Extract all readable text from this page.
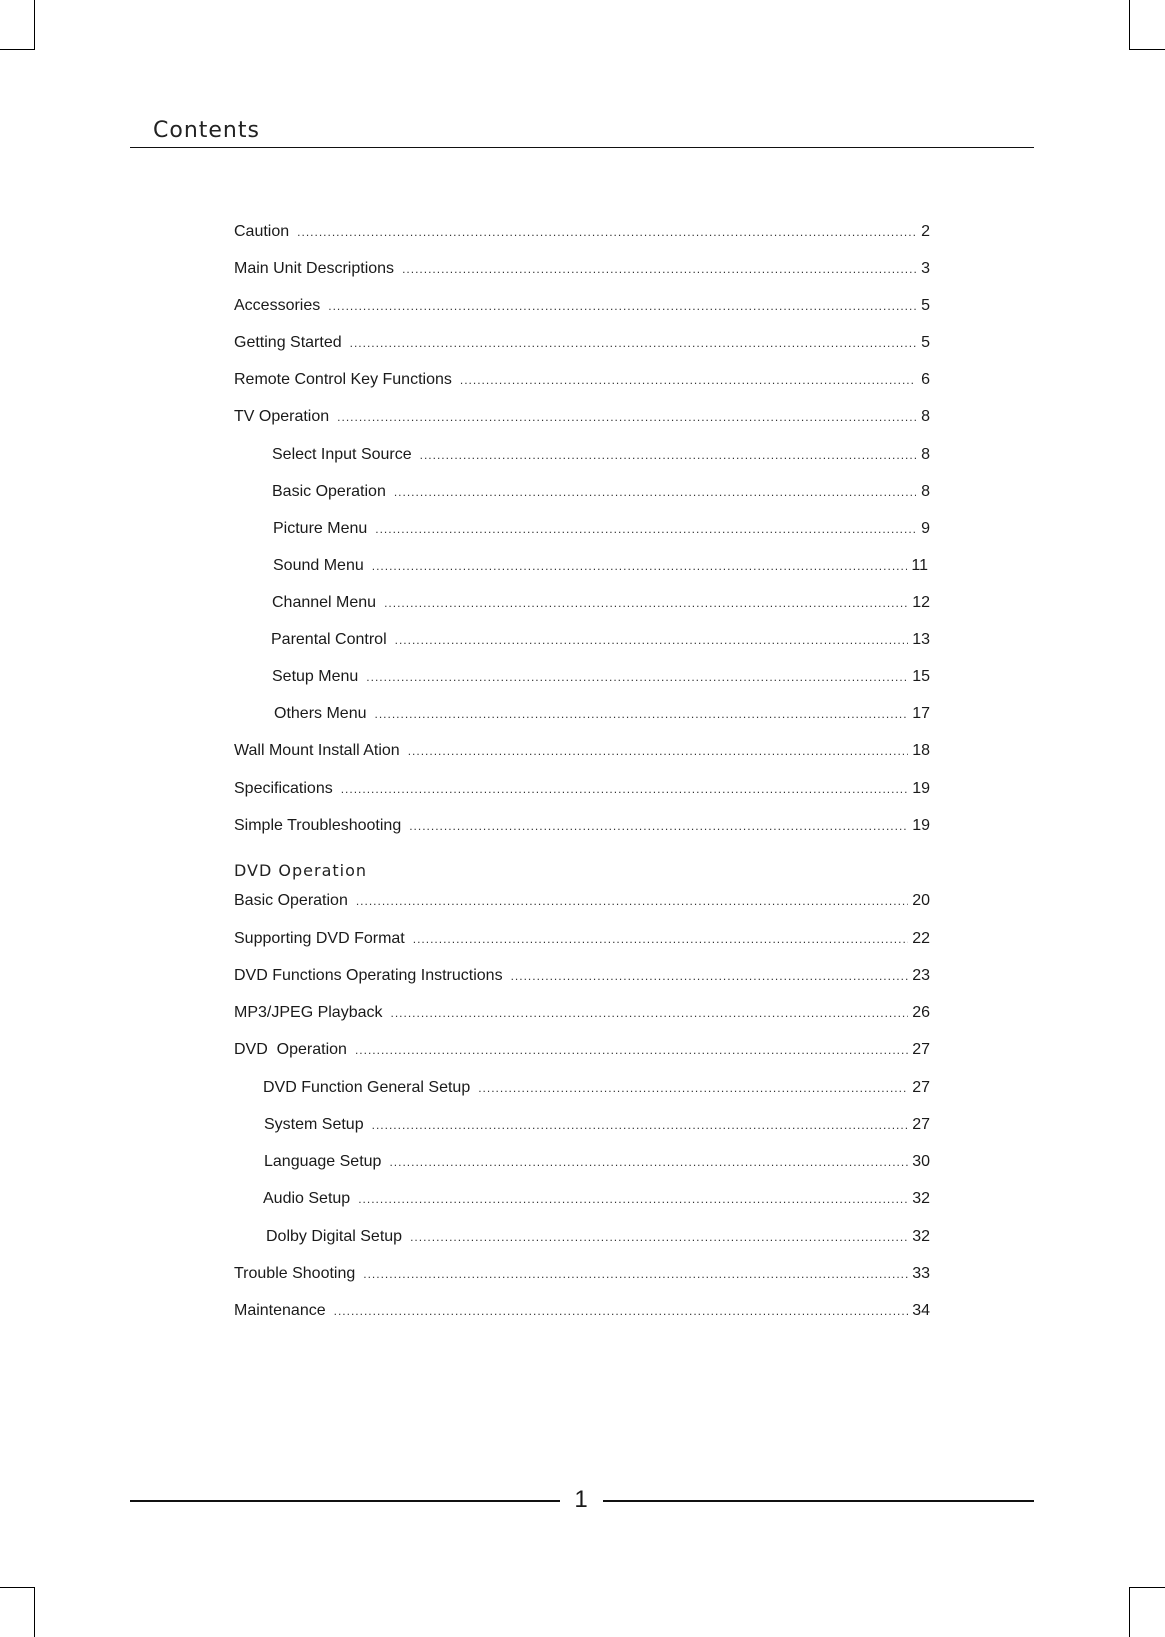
Contents
Caution .....	2
Main Unit Descriptions .....	3
Accessories .....	5
Getting Started .....	5
Remote Control Key Functions .....	6
TV Operation .....	8
Select Input Source .....	8
Basic Operation .....	8
Picture Menu .....	9
Sound Menu .....	11
Channel Menu .....	12
Parental Control .....	13
Setup Menu .....	15
Others Menu .....	17
Wall Mount Install Ation .....	18
Specifications .....	19
Simple Troubleshooting .....	19
Basic Operation .....	20
Supporting DVD Format .....	22
DVD Functions Operating Instructions .....	23
MP3/JPEG Playback .....	26
DVD  Operation .....	27
DVD Function General Setup .....	27
System Setup .....	27
Language Setup .....	30
Audio Setup .....	32
Dolby Digital Setup .....	32
Trouble Shooting .....	33
Maintenance .....	34
DVD Operation
1
